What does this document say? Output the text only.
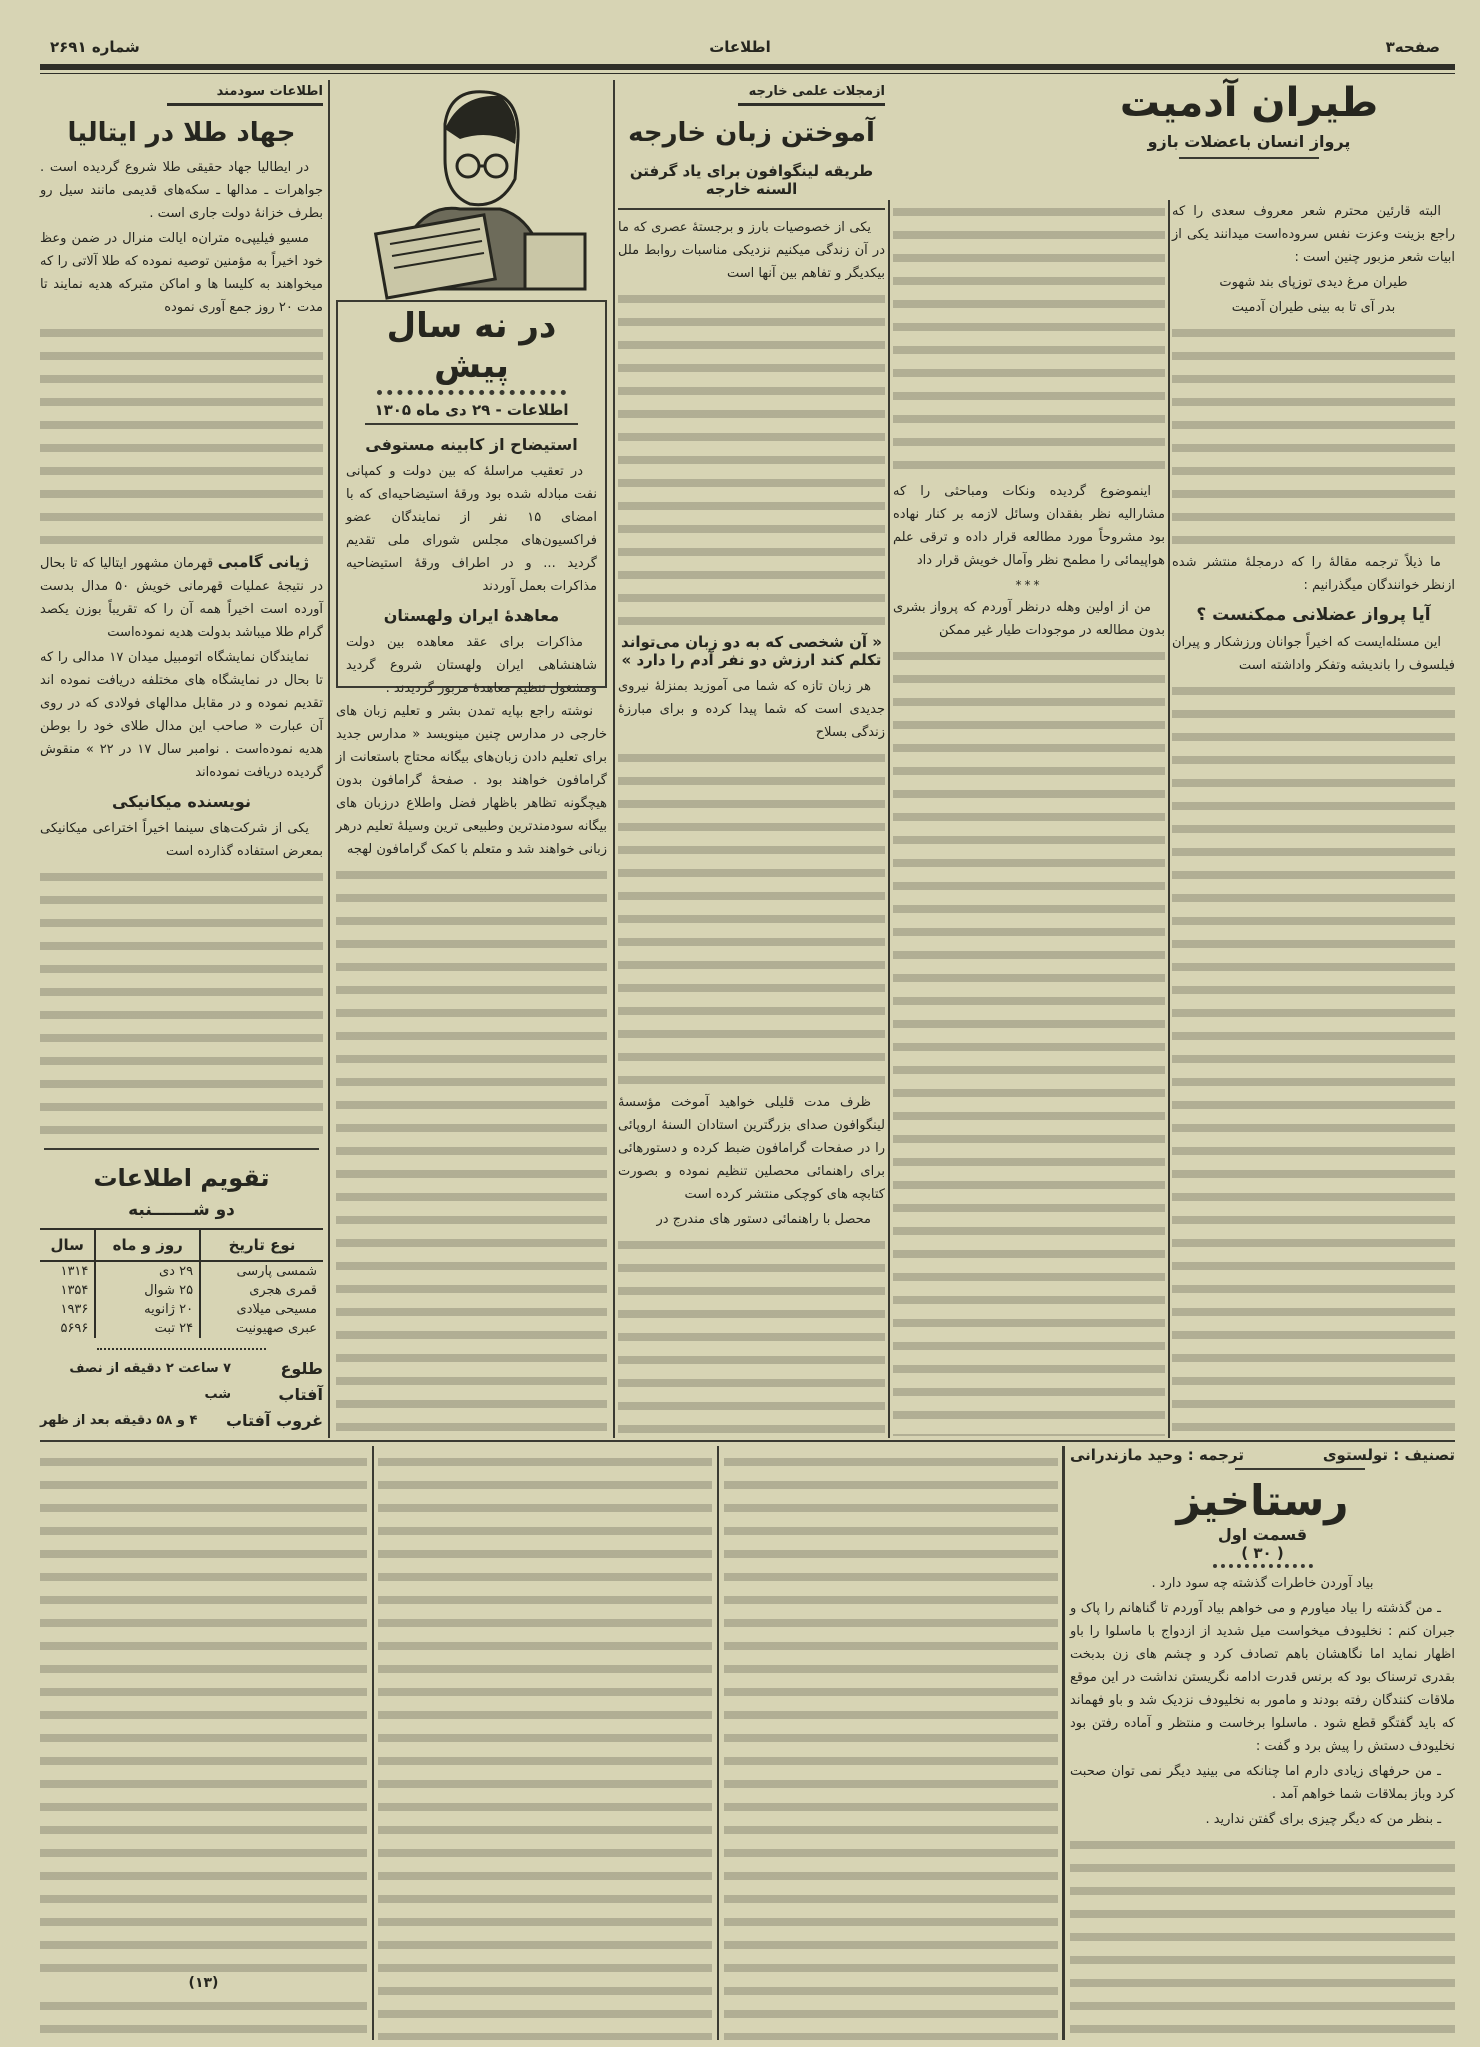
صفحه۳
اطلاعات
شماره ۲۶۹۱
اطلاعات سودمند
جهاد طلا در ایتالیا

در ایطالیا جهاد حقیقی طلا شروع گردیده است . جواهرات ـ مدالها ـ سکه‌های قدیمی مانند سیل رو بطرف خزانهٔ دولت جاری است .

مسیو فیلیپی‌ه متران‌ه ایالت منرال در ضمن وعظ خود اخیراً به مؤمنین توصیه نموده که طلا آلاتی را که میخواهند به کلیسا ها و اماکن متبرکه هدیه نمایند تا مدت ۲۰ روز جمع آوری نموده

ژیانی گامبی قهرمان مشهور ایتالیا که تا بحال در نتیجهٔ عملیات قهرمانی خویش ۵۰ مدال بدست آورده است اخیراً همه آن را که تقریباً بوزن یکصد گرام طلا میباشد بدولت هدیه نموده‌است

نمایندگان نمایشگاه اتومبیل میدان ۱۷ مدالی را که تا بحال در نمایشگاه های مختلفه دریافت نموده اند تقدیم نموده و در مقابل مدالهای فولادی که در روی آن عبارت « صاحب این مدال طلای خود را بوطن هدیه نموده‌است . نوامبر سال ۱۷ در ۲۲ » منقوش گردیده دریافت نموده‌اند

نویسنده میکانیکی

یکی از شرکت‌های سینما اخیراً اختراعی میکانیکی بمعرض استفاده گذارده است

تقویم اطلاعات
دو شـــــــنبه
نوع تاریخ	روز و ماه	سال
شمسی پارسی	۲۹ دی	۱۳۱۴
قمری هجری	۲۵ شوال	۱۳۵۴
مسیحی میلادی	۲۰ ژانویه	۱۹۳۶
عبری صهیونیت	۲۴ تبت	۵۶۹۶
طلوع آفتاب
۷ ساعت ۲ دقیقه از نصف شب
غروب آفتاب
۴ و ۵۸ دقیقه بعد از ظهر
در نه سال پیش
اطلاعات - ۲۹ دی ماه ۱۳۰۵
استیضاح از کابینه مستوفی

در تعقیب مراسلهٔ که بین دولت و کمپانی نفت مبادله شده بود ورقهٔ استیضاحیه‌ای که با امضای ۱۵ نفر از نمایندگان عضو فراکسیون‌های مجلس شورای ملی تقدیم گردید ... و در اطراف ورقهٔ استیضاحیه مذاکرات بعمل آوردند

معاهدهٔ ایران ولهستان

مذاکرات برای عقد معاهده بین دولت شاهنشاهی ایران ولهستان شروع گردید ومشغول تنظیم معاهدهٔ مزبور گردیدند .

نوشته راجع بپایه تمدن بشر و تعلیم زبان های خارجی در مدارس چنین مینویسد « مدارس جدید برای تعلیم دادن زبان‌های بیگانه محتاج باستعانت از گرامافون خواهند بود . صفحهٔ گرامافون بدون هیچگونه تظاهر باظهار فضل واطلاع درزبان های بیگانه سودمندترین وطبیعی ترین وسیلهٔ تعلیم درهر زبانی خواهند شد و متعلم با کمک گرامافون لهجه

ازمجلات علمی خارجه
آموختن زبان خارجه
طریقه لینگوافون برای یاد گرفتن السنه خارجه

یکی از خصوصیات بارز و برجستهٔ عصری که ما در آن زندگی میکنیم نزدیکی مناسبات روابط ملل بیکدیگر و تفاهم بین آنها است

« آن شخصی که به دو زبان می‌تواند تکلم کند ارزش دو نفر آدم را دارد »

هر زبان تازه که شما می آموزید بمنزلهٔ نیروی جدیدی است که شما پیدا کرده و برای مبارزهٔ زندگی بسلاح

ظرف مدت قلیلی خواهید آموخت مؤسسهٔ لینگوافون صدای بزرگترین استادان السنهٔ اروپائی را در صفحات گرامافون ضبط کرده و دستورهائی برای راهنمائی محصلین تنظیم نموده و بصورت کتابچه های کوچکی منتشر کرده است

محصل با راهنمائی دستور های مندرج در

طیران آدمیت
پرواز انسان باعضلات بازو

اینموضوع گردیده ونکات ومباحثی را که مشارالیه نظر بفقدان وسائل لازمه بر کنار نهاده بود مشروحاً مورد مطالعه قرار داده و ترقی علم هواپیمائی را مطمح نظر وآمال خویش قرار داد

***

من از اولین وهله درنظر آوردم که پرواز بشری بدون مطالعه در موجودات طیار غیر ممکن

البته قارئین محترم شعر معروف سعدی را که راجع بزینت وعزت نفس سروده‌است میدانند یکی از ابیات شعر مزبور چنین است :

طیران مرغ دیدی توزپای بند شهوت

بدر آی تا به بینی طیران آدمیت

ما ذیلاً ترجمه مقالهٔ را که درمجلهٔ منتشر شده ازنظر خوانندگان میگذرانیم :

آیا پرواز عضلانی ممکنست ؟

این مسئله‌ایست که اخیراً جوانان ورزشکار و پیران فیلسوف را باندیشه وتفکر واداشته است

تصنیف : تولستوی
ترجمه : وحید مازندرانی
رستاخیز
قسمت اول
( ۳۰ )

بیاد آوردن خاطرات گذشته چه سود دارد .

ـ من گذشته را بیاد میاورم و می خواهم بیاد آوردم تا گناهانم را پاک و جبران کنم : نخلیودف میخواست میل شدید از ازدواج با ماسلوا را باو اظهار نماید اما نگاهشان باهم تصادف کرد و چشم های زن بدبخت بقدری ترسناک بود که برنس قدرت ادامه نگریستن نداشت در این موقع ملاقات کنندگان رفته بودند و مامور به نخلیودف نزدیک شد و باو فهماند که باید گفتگو قطع شود . ماسلوا برخاست و منتظر و آماده رفتن بود نخلیودف دستش را پیش برد و گفت :

ـ من حرفهای زیادی دارم اما چنانکه می بینید دیگر نمی توان صحبت کرد وباز بملاقات شما خواهم آمد .

ـ بنظر من که دیگر چیزی برای گفتن ندارید .

(۱۳)
